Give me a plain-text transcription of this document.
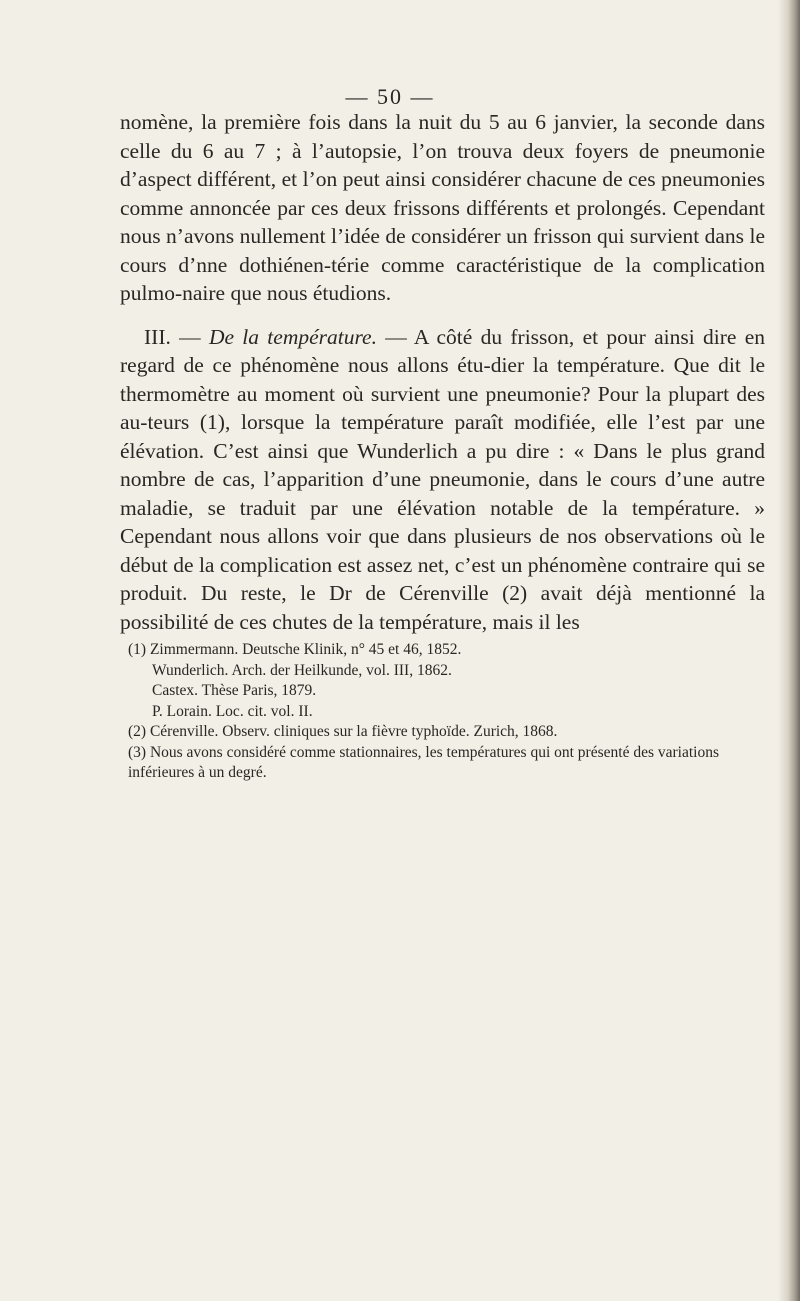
— 50 —

nomène, la première fois dans la nuit du 5 au 6 janvier, la seconde dans celle du 6 au 7 ; à l’autopsie, l’on trouva deux foyers de pneumonie d’aspect différent, et l’on peut ainsi considérer chacune de ces pneumonies comme annoncée par ces deux frissons différents et prolongés. Cependant nous n’avons nullement l’idée de considérer un frisson qui survient dans le cours d’nne dothiénen-térie comme caractéristique de la complication pulmo-naire que nous étudions.

III. — De la température. — A côté du frisson, et pour ainsi dire en regard de ce phénomène nous allons étu-dier la température. Que dit le thermomètre au moment où survient une pneumonie? Pour la plupart des au-teurs (1), lorsque la température paraît modifiée, elle l’est par une élévation. C’est ainsi que Wunderlich a pu dire : « Dans le plus grand nombre de cas, l’apparition d’une pneumonie, dans le cours d’une autre maladie, se traduit par une élévation notable de la température. » Cependant nous allons voir que dans plusieurs de nos observations où le début de la complication est assez net, c’est un phénomène contraire qui se produit. Du reste, le Dr de Cérenville (2) avait déjà mentionné la possibilité de ces chutes de la température, mais il les

(1) Zimmermann. Deutsche Klinik, n° 45 et 46, 1852.
Wunderlich. Arch. der Heilkunde, vol. III, 1862.
Castex. Thèse Paris, 1879.
P. Lorain. Loc. cit. vol. II.
(2) Cérenville. Observ. cliniques sur la fièvre typhoïde. Zurich, 1868.
(3) Nous avons considéré comme stationnaires, les températures qui ont présenté des variations inférieures à un degré.
